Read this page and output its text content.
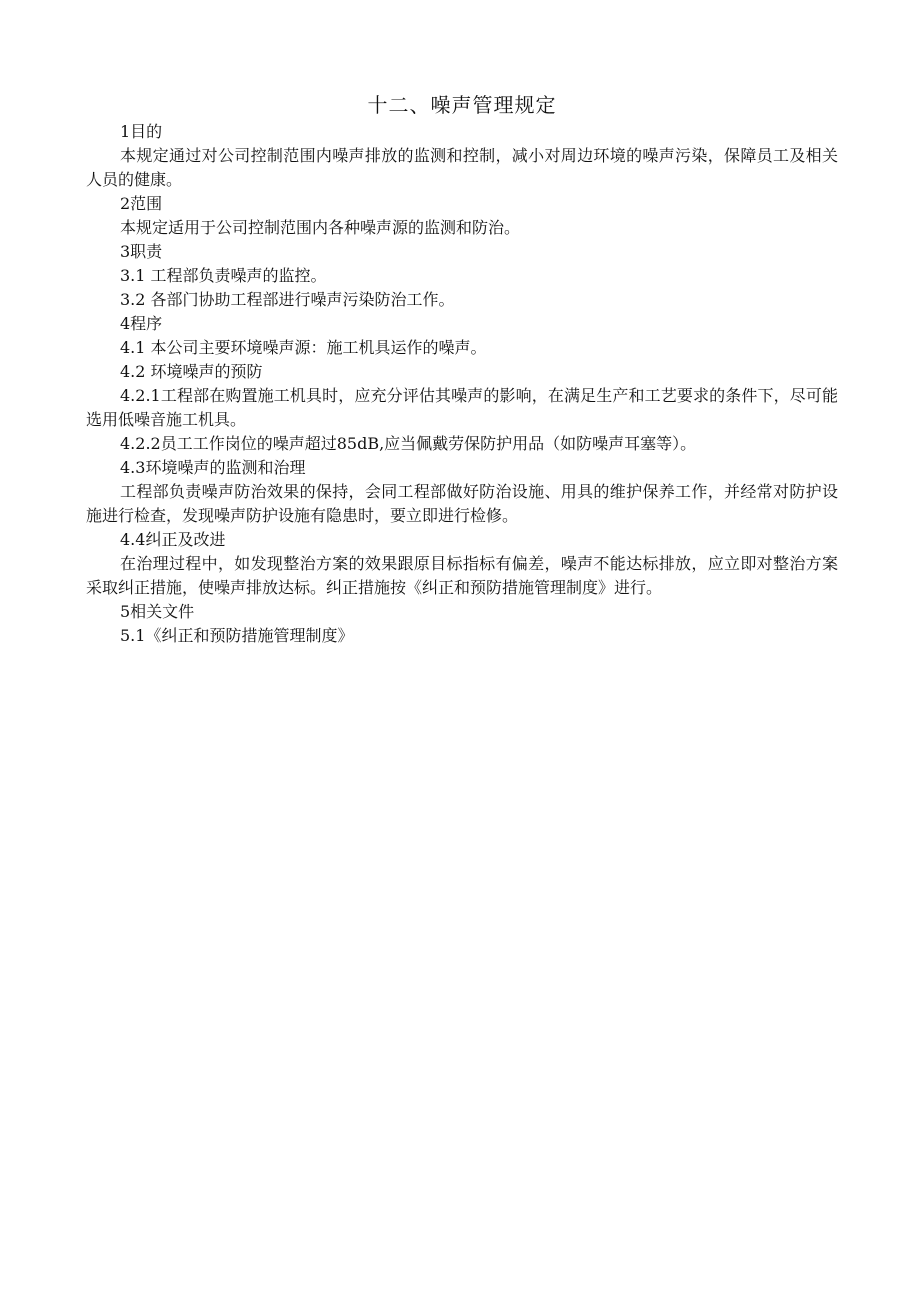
十二、噪声管理规定

1目的

本规定通过对公司控制范围内噪声排放的监测和控制，减小对周边环境的噪声污染，保障员工及相关人员的健康。

2范围

本规定适用于公司控制范围内各种噪声源的监测和防治。

3职责

3.1 工程部负责噪声的监控。

3.2 各部门协助工程部进行噪声污染防治工作。

4程序

4.1 本公司主要环境噪声源：施工机具运作的噪声。

4.2 环境噪声的预防

4.2.1工程部在购置施工机具时，应充分评估其噪声的影响，在满足生产和工艺要求的条件下，尽可能选用低噪音施工机具。

4.2.2员工工作岗位的噪声超过85dB,应当佩戴劳保防护用品（如防噪声耳塞等）。

4.3环境噪声的监测和治理

工程部负责噪声防治效果的保持，会同工程部做好防治设施、用具的维护保养工作，并经常对防护设施进行检查，发现噪声防护设施有隐患时，要立即进行检修。

4.4纠正及改进

在治理过程中，如发现整治方案的效果跟原目标指标有偏差，噪声不能达标排放，应立即对整治方案采取纠正措施，使噪声排放达标。纠正措施按《纠正和预防措施管理制度》进行。

5相关文件

5.1《纠正和预防措施管理制度》
